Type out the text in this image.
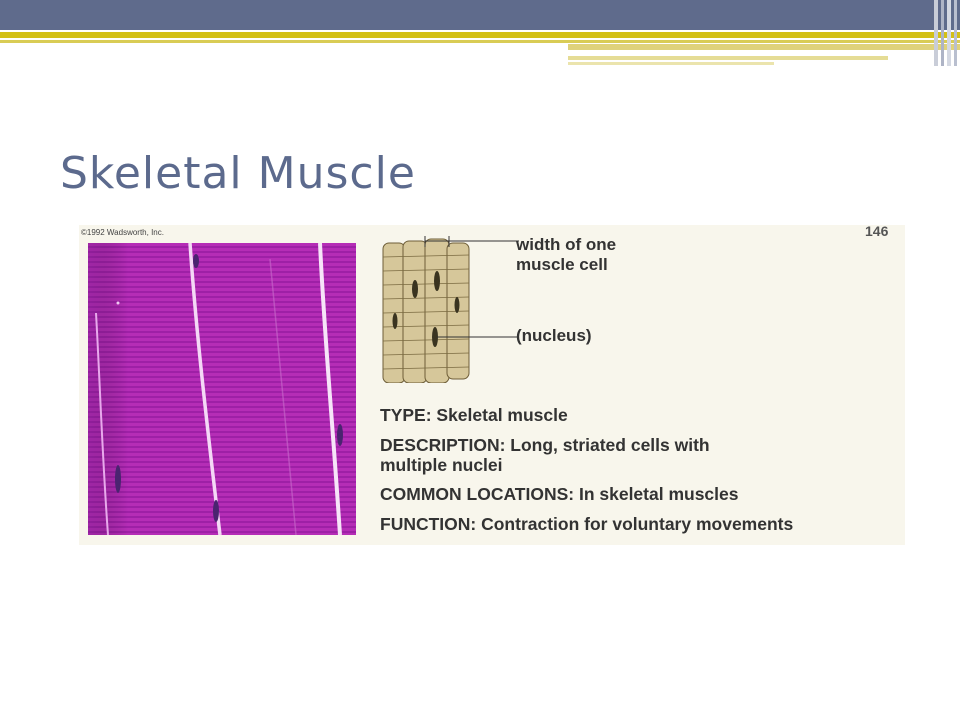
Skeletal Muscle
©1992 Wadsworth, Inc.	146
width of one
muscle cell
(nucleus)
TYPE: Skeletal muscle
DESCRIPTION: Long, striated cells with
multiple nuclei
COMMON LOCATIONS: In skeletal muscles
FUNCTION: Contraction for voluntary movements
